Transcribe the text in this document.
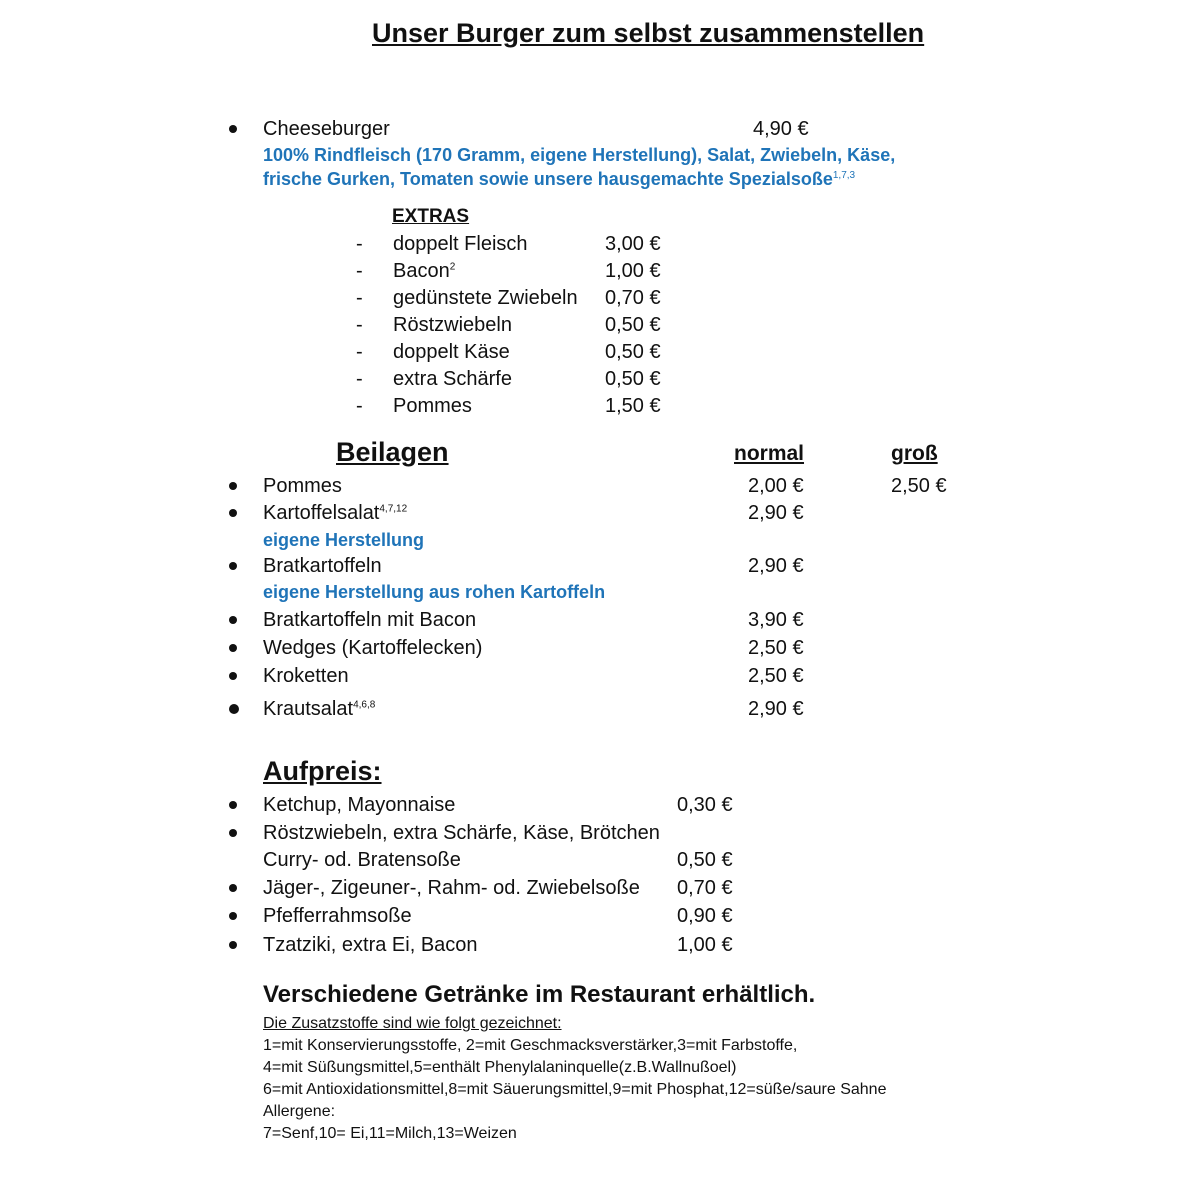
Unser Burger zum selbst zusammenstellen
Cheeseburger	4,90 €
100% Rindfleisch (170 Gramm, eigene Herstellung), Salat, Zwiebeln, Käse,
frische Gurken, Tomaten sowie unsere hausgemachte Spezialsoße$^{1,7,3}$
EXTRAS
- doppelt Fleisch	3,00 €
- Bacon$^2$	1,00 €
- gedünstete Zwiebeln 0,70 €
- Röstzwiebeln	0,50 €
- doppelt Käse	0,50 €
- extra Schärfe	0,50 €
- Pommes	1,50 €
Beilagen	normal	groß
Pommes	2,00 €	2,50 €
Kartoffelsalat$^{4,7,12}$	2,90 €
eigene Herstellung
Bratkartoffeln	2,90 €
eigene Herstellung aus rohen Kartoffeln
Bratkartoffeln mit Bacon	3,90 €
Wedges (Kartoffelecken)	2,50 €
Kroketten	2,50 €
Krautsalat$^{4,6,8}$	2,90 €
Aufpreis:
Ketchup, Mayonnaise	0,30 €
Röstzwiebeln, extra Schärfe, Käse, Brötchen
Curry- od. Bratensoße	0,50 €
Jäger-, Zigeuner-, Rahm- od. Zwiebelsoße 0,70 €
Pfefferrahmsoße	0,90 €
Tzatziki, extra Ei, Bacon	1,00 €
Verschiedene Getränke im Restaurant erhältlich.
Die Zusatzstoffe sind wie folgt gezeichnet:
1=mit Konservierungsstoffe, 2=mit Geschmacksverstärker,3=mit Farbstoffe,
4=mit Süßungsmittel,5=enthält Phenylalaninquelle(z.B.Wallnußoel)
6=mit Antioxidationsmittel,8=mit Säuerungsmittel,9=mit Phosphat,12=süße/saure Sahne
Allergene:
7=Senf,10= Ei,11=Milch,13=Weizen
